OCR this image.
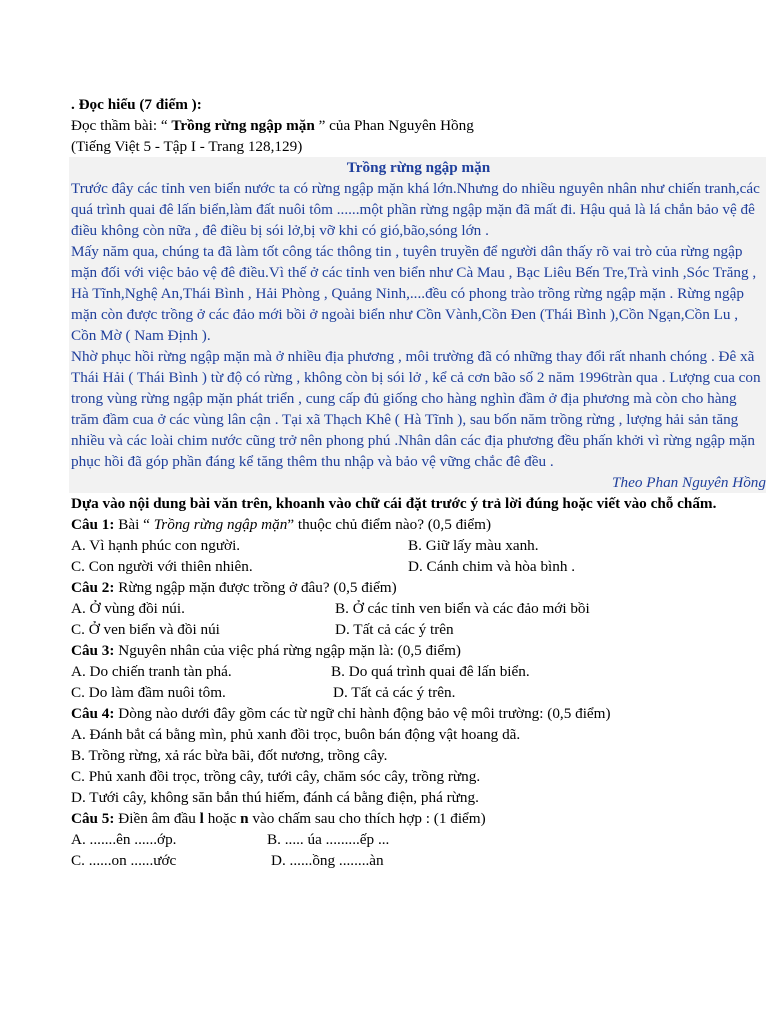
. Đọc hiểu (7 điểm ):
Đọc thầm bài: “ Trồng rừng ngập mặn ” của Phan Nguyên Hồng
(Tiếng Việt 5 - Tập I - Trang 128,129)
Trồng rừng ngập mặn
Trước đây các tỉnh ven biển nước ta có rừng ngập mặn khá lớn.Nhưng do nhiều nguyên nhân như chiến tranh,các quá trình quai đê lấn biển,làm đất nuôi tôm ......một phần rừng ngập mặn đã mất đi. Hậu quả là lá chắn bảo vệ đê điều không còn nữa , đê điều bị sói lở,bị vỡ khi có gió,bão,sóng lớn .
Mấy năm qua, chúng ta đã làm tốt công tác thông tin , tuyên truyền để người dân thấy rõ vai trò của rừng ngập mặn đối với việc bảo vệ đê điều.Vì thế ở các tỉnh ven biển như Cà Mau , Bạc Liêu Bến Tre,Trà vinh ,Sóc Trăng , Hà Tĩnh,Nghệ An,Thái Bình , Hải Phòng , Quảng Ninh,....đều có phong trào trồng rừng ngập mặn . Rừng ngập mặn còn được trồng ở các đảo mới bồi ở ngoài biển như Cồn Vành,Cồn Đen (Thái Bình ),Cồn Ngạn,Cồn Lu , Cồn Mờ ( Nam Định ).
Nhờ phục hồi rừng ngập mặn mà ở nhiều địa phương , môi trường đã có những thay đổi rất nhanh chóng . Đê xã Thái Hải ( Thái Bình ) từ độ có rừng , không còn bị sói lở , kể cả cơn bão số 2 năm 1996tràn qua . Lượng cua con trong vùng rừng ngập mặn phát triển , cung cấp đủ giống cho hàng nghìn đầm ở địa phương mà còn cho hàng trăm đầm cua ở các vùng lân cận . Tại xã Thạch Khê ( Hà Tĩnh ), sau bốn năm trồng rừng , lượng hải sản tăng nhiều và các loài chim nước cũng trở nên phong phú .Nhân dân các địa phương đều phấn khởi vì rừng ngập mặn phục hồi đã góp phần đáng kể tăng thêm thu nhập và bảo vệ vững chắc đê đều .
Theo Phan Nguyên Hồng
Dựa vào nội dung bài văn trên, khoanh vào chữ cái đặt trước ý trả lời đúng hoặc viết vào chỗ chấm.
Câu 1: Bài “ Trồng rừng ngập mặn” thuộc chủ điểm nào? (0,5 điểm)
A. Vì hạnh phúc con người.	B. Giữ lấy màu xanh.
C. Con người với thiên nhiên.	D. Cánh chim và hòa bình .
Câu 2: Rừng ngập mặn được trồng ở đâu? (0,5 điểm)
A. Ở vùng đồi núi.	B. Ở các tỉnh ven biển và các đảo mới bồi
C. Ở ven biển và đồi núi	D. Tất cả các ý trên
Câu 3: Nguyên nhân của việc phá rừng ngập mặn là: (0,5 điểm)
A. Do chiến tranh tàn phá.	B. Do quá trình quai đê lấn biển.
C. Do làm đầm nuôi tôm.	D. Tất cả các ý trên.
Câu 4: Dòng nào dưới đây gồm các từ ngữ chỉ hành động bảo vệ môi trường: (0,5 điểm)
A. Đánh bắt cá bằng mìn, phủ xanh đồi trọc, buôn bán động vật hoang dã.
B. Trồng rừng, xả rác bừa bãi, đốt nương, trồng cây.
C. Phủ xanh đồi trọc, trồng cây, tưới cây, chăm sóc cây, trồng rừng.
D. Tưới cây, không săn bắn thú hiếm, đánh cá bằng điện, phá rừng.
Câu 5: Điền âm đầu l hoặc n vào chấm sau cho thích hợp : (1 điểm)
A. .......ên ......ớp.	B. ..... úa .........ếp ...
C. ......on ......ước	D. ......ồng ........àn
